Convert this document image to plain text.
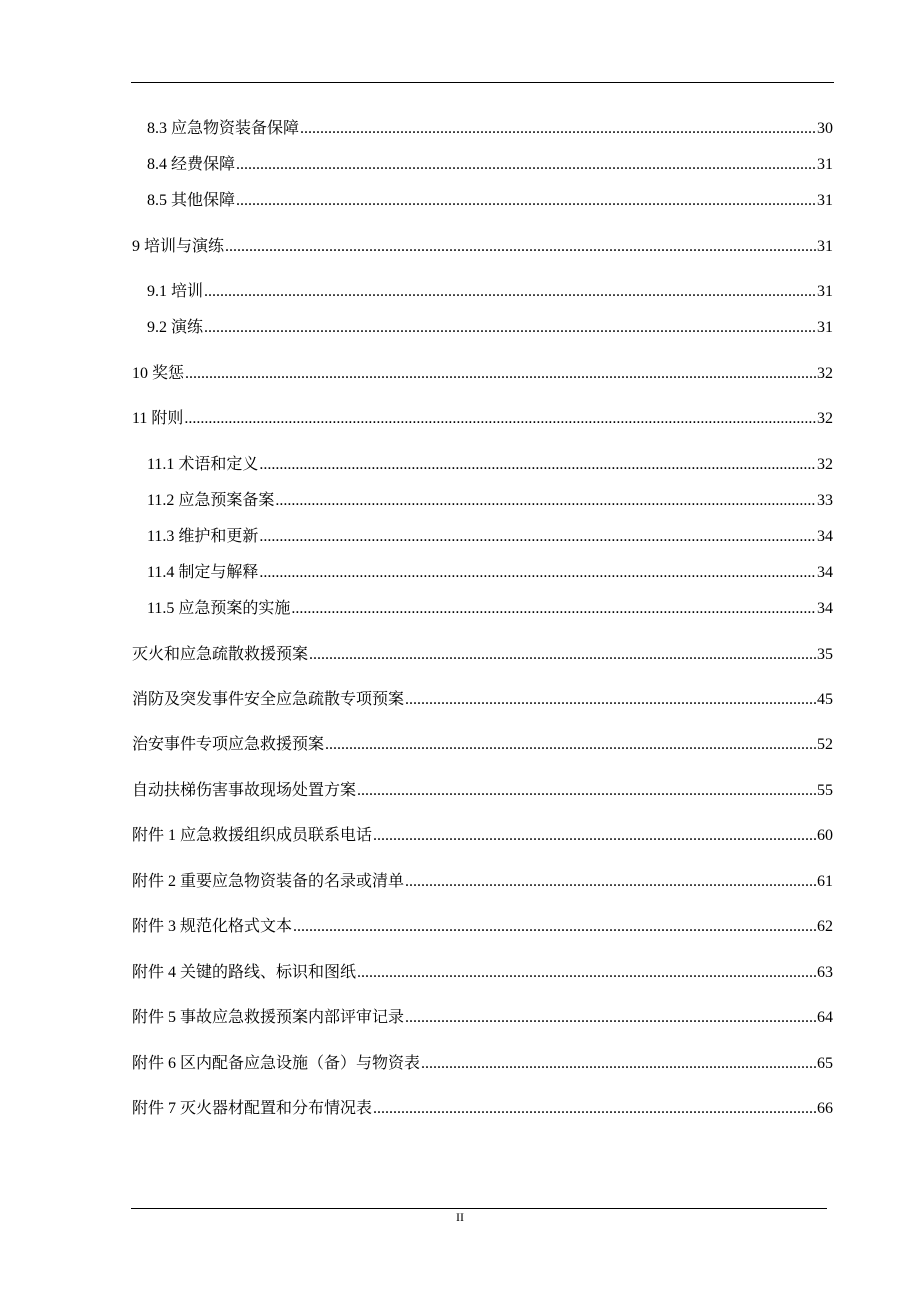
8.3 应急物资装备保障 .....	30
8.4 经费保障 .....	31
8.5 其他保障 .....	31
9 培训与演练 .....	31
9.1 培训 .....	31
9.2 演练 .....	31
10 奖惩 .....	32
11 附则 .....	32
11.1 术语和定义 .....	32
11.2 应急预案备案 .....	33
11.3 维护和更新 .....	34
11.4 制定与解释 .....	34
11.5 应急预案的实施 .....	34
灭火和应急疏散救援预案 .....	35
消防及突发事件安全应急疏散专项预案 .....	45
治安事件专项应急救援预案 .....	52
自动扶梯伤害事故现场处置方案 .....	55
附件 1 应急救援组织成员联系电话 .....	60
附件 2 重要应急物资装备的名录或清单 .....	61
附件 3 规范化格式文本 .....	62
附件 4 关键的路线、标识和图纸 .....	63
附件 5 事故应急救援预案内部评审记录 .....	64
附件 6 区内配备应急设施（备）与物资表 .....	65
附件 7 灭火器材配置和分布情况表 .....	66
II
